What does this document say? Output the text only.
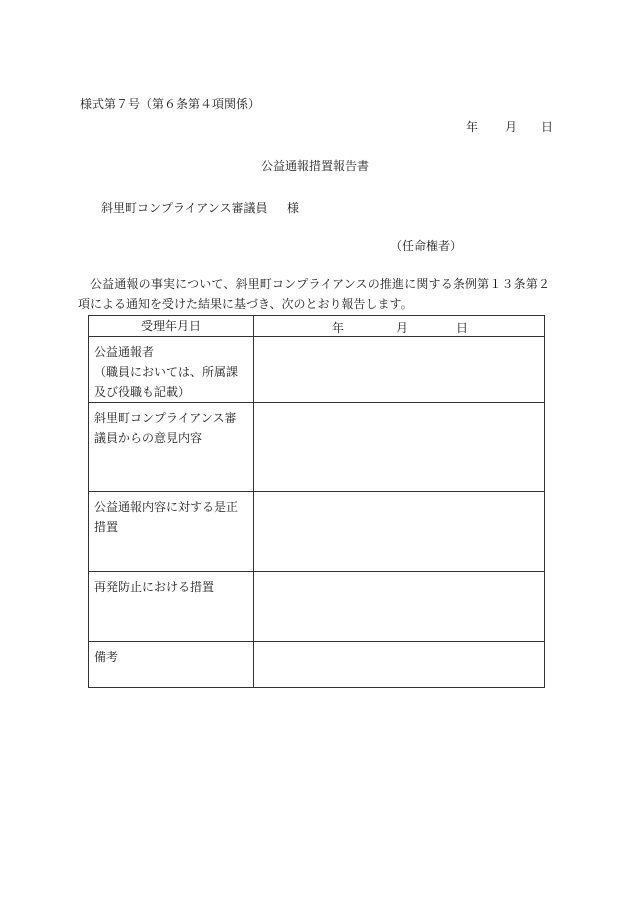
様式第７号（第６条第４項関係）
年 月 日
公益通報措置報告書
斜里町コンプライアンス審議員 様
（任命権者）
公益通報の事実について、斜里町コンプライアンスの推進に関する条例第１３条第２項による通知を受けた結果に基づき、次のとおり報告します。
受理年月日	年 月 日

公益通報者
（職員においては、所属課
及び役職も記載）	

斜里町コンプライアンス審
議員からの意見内容	

公益通報内容に対する是正
措置	

再発防止における措置	

備考	
